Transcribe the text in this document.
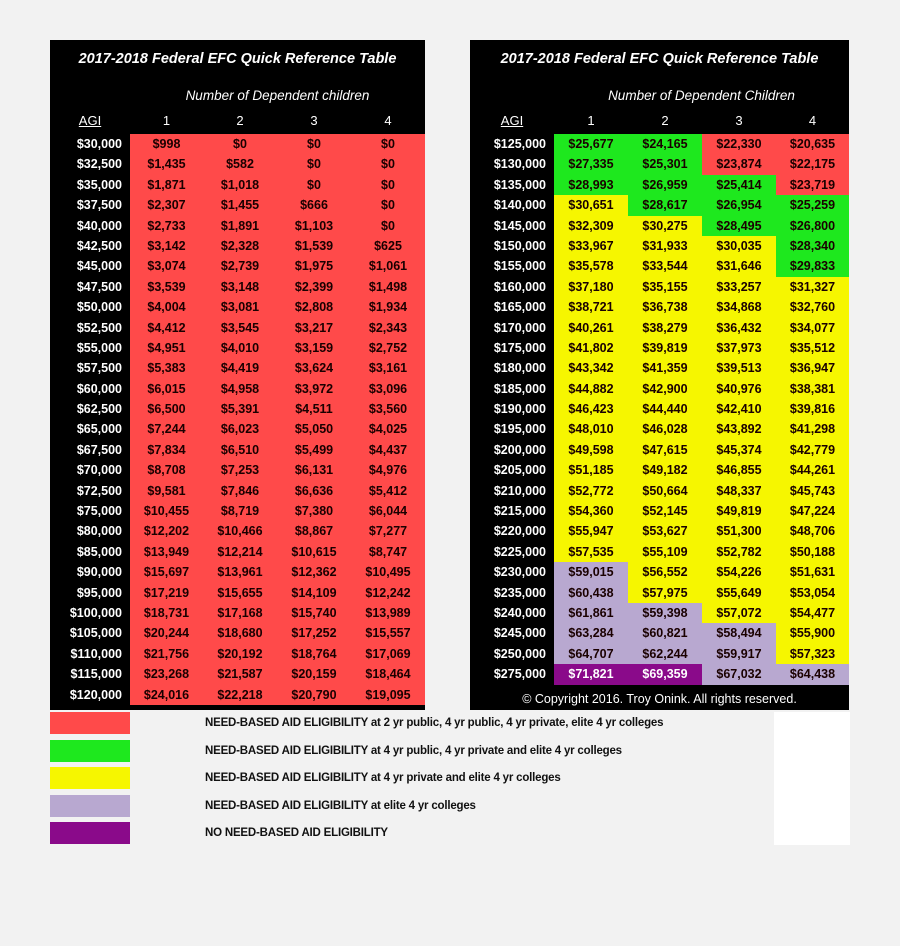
2017-2018 Federal EFC Quick Reference Table
Number of Dependent children
AGI	1	2	3	4
$30,000	$998	$0	$0	$0
$32,500	$1,435	$582	$0	$0
$35,000	$1,871	$1,018	$0	$0
$37,500	$2,307	$1,455	$666	$0
$40,000	$2,733	$1,891	$1,103	$0
$42,500	$3,142	$2,328	$1,539	$625
$45,000	$3,074	$2,739	$1,975	$1,061
$47,500	$3,539	$3,148	$2,399	$1,498
$50,000	$4,004	$3,081	$2,808	$1,934
$52,500	$4,412	$3,545	$3,217	$2,343
$55,000	$4,951	$4,010	$3,159	$2,752
$57,500	$5,383	$4,419	$3,624	$3,161
$60,000	$6,015	$4,958	$3,972	$3,096
$62,500	$6,500	$5,391	$4,511	$3,560
$65,000	$7,244	$6,023	$5,050	$4,025
$67,500	$7,834	$6,510	$5,499	$4,437
$70,000	$8,708	$7,253	$6,131	$4,976
$72,500	$9,581	$7,846	$6,636	$5,412
$75,000	$10,455	$8,719	$7,380	$6,044
$80,000	$12,202	$10,466	$8,867	$7,277
$85,000	$13,949	$12,214	$10,615	$8,747
$90,000	$15,697	$13,961	$12,362	$10,495
$95,000	$17,219	$15,655	$14,109	$12,242
$100,000	$18,731	$17,168	$15,740	$13,989
$105,000	$20,244	$18,680	$17,252	$15,557
$110,000	$21,756	$20,192	$18,764	$17,069
$115,000	$23,268	$21,587	$20,159	$18,464
$120,000	$24,016	$22,218	$20,790	$19,095
2017-2018 Federal EFC Quick Reference Table
Number of Dependent Children
AGI	1	2	3	4
$125,000	$25,677	$24,165	$22,330	$20,635
$130,000	$27,335	$25,301	$23,874	$22,175
$135,000	$28,993	$26,959	$25,414	$23,719
$140,000	$30,651	$28,617	$26,954	$25,259
$145,000	$32,309	$30,275	$28,495	$26,800
$150,000	$33,967	$31,933	$30,035	$28,340
$155,000	$35,578	$33,544	$31,646	$29,833
$160,000	$37,180	$35,155	$33,257	$31,327
$165,000	$38,721	$36,738	$34,868	$32,760
$170,000	$40,261	$38,279	$36,432	$34,077
$175,000	$41,802	$39,819	$37,973	$35,512
$180,000	$43,342	$41,359	$39,513	$36,947
$185,000	$44,882	$42,900	$40,976	$38,381
$190,000	$46,423	$44,440	$42,410	$39,816
$195,000	$48,010	$46,028	$43,892	$41,298
$200,000	$49,598	$47,615	$45,374	$42,779
$205,000	$51,185	$49,182	$46,855	$44,261
$210,000	$52,772	$50,664	$48,337	$45,743
$215,000	$54,360	$52,145	$49,819	$47,224
$220,000	$55,947	$53,627	$51,300	$48,706
$225,000	$57,535	$55,109	$52,782	$50,188
$230,000	$59,015	$56,552	$54,226	$51,631
$235,000	$60,438	$57,975	$55,649	$53,054
$240,000	$61,861	$59,398	$57,072	$54,477
$245,000	$63,284	$60,821	$58,494	$55,900
$250,000	$64,707	$62,244	$59,917	$57,323
$275,000	$71,821	$69,359	$67,032	$64,438
© Copyright 2016. Troy Onink. All rights reserved.
NEED-BASED AID ELIGIBILITY at 2 yr public, 4 yr public, 4 yr private, elite 4 yr colleges
NEED-BASED AID ELIGIBILITY at 4 yr public, 4 yr private and elite 4 yr colleges
NEED-BASED AID ELIGIBILITY at 4 yr private and elite 4 yr colleges
NEED-BASED AID ELIGIBILITY at elite 4 yr colleges
NO NEED-BASED AID ELIGIBILITY
